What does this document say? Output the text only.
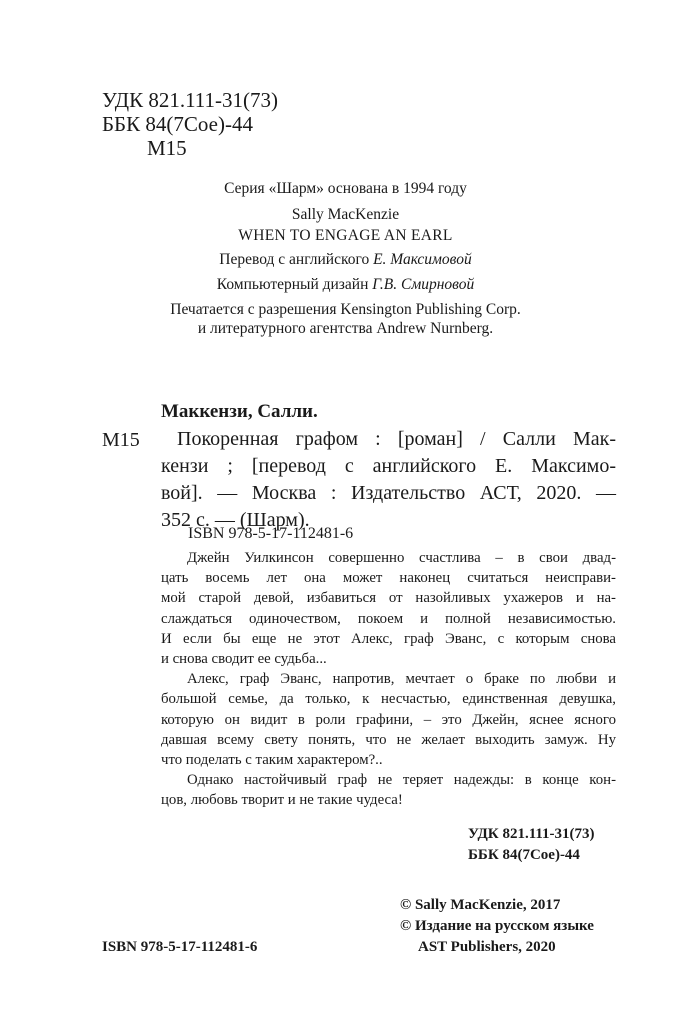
УДК 821.111-31(73)
ББК 84(7Сое)-44
М15
Серия «Шарм» основана в 1994 году
Sally MacKenzie
WHEN TO ENGAGE AN EARL
Перевод с английского Е. Максимовой
Компьютерный дизайн Г.В. Смирновой
Печатается с разрешения Kensington Publishing Corp.
и литературного агентства Andrew Nurnberg.
Маккензи, Салли.
М15	Покоренная графом : [роман] / Салли Мак-
кензи ; [перевод с английского Е. Максимо-
вой]. — Москва : Издательство АСТ, 2020. —
352 с. — (Шарм).
ISBN 978-5-17-112481-6
Джейн Уилкинсон совершенно счастлива – в свои двад-
цать восемь лет она может наконец считаться неисправи-
мой старой девой, избавиться от назойливых ухажеров и на-
слаждаться одиночеством, покоем и полной независимостью.
И если бы еще не этот Алекс, граф Эванс, с которым снова
и снова сводит ее судьба...
Алекс, граф Эванс, напротив, мечтает о браке по любви и
большой семье, да только, к несчастью, единственная девушка,
которую он видит в роли графини, – это Джейн, яснее ясного
давшая всему свету понять, что не желает выходить замуж. Ну
что поделать с таким характером?..
Однако настойчивый граф не теряет надежды: в конце кон-
цов, любовь творит и не такие чудеса!
УДК 821.111-31(73)
ББК 84(7Сое)-44
© Sally MacKenzie, 2017
© Издание на русском языке
AST Publishers, 2020
ISBN 978-5-17-112481-6
